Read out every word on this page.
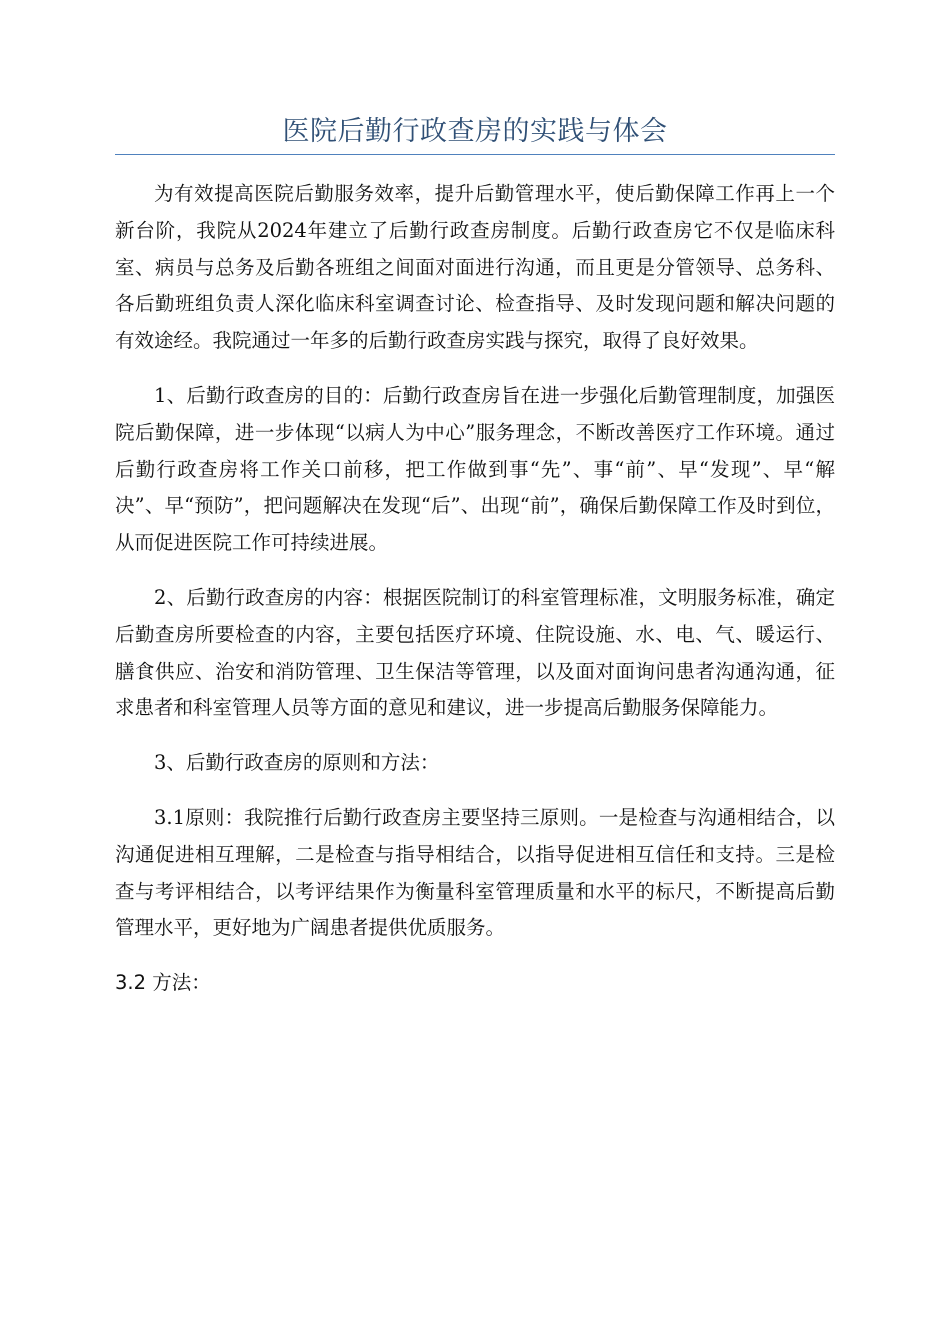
医院后勤行政查房的实践与体会

为有效提高医院后勤服务效率，提升后勤管理水平，使后勤保障工作再上一个新台阶，我院从2024年建立了后勤行政查房制度。后勤行政查房它不仅是临床科室、病员与总务及后勤各班组之间面对面进行沟通，而且更是分管领导、总务科、各后勤班组负责人深化临床科室调查讨论、检查指导、及时发现问题和解决问题的有效途经。我院通过一年多的后勤行政查房实践与探究，取得了良好效果。

1、后勤行政查房的目的：后勤行政查房旨在进一步强化后勤管理制度，加强医院后勤保障，进一步体现“以病人为中心”服务理念，不断改善医疗工作环境。通过后勤行政查房将工作关口前移，把工作做到事“先”、事“前”、早“发现”、早“解决”、早“预防”，把问题解决在发现“后”、出现“前”，确保后勤保障工作及时到位，从而促进医院工作可持续进展。

2、后勤行政查房的内容：根据医院制订的科室管理标准，文明服务标准，确定后勤查房所要检查的内容，主要包括医疗环境、住院设施、水、电、气、暖运行、膳食供应、治安和消防管理、卫生保洁等管理，以及面对面询问患者沟通沟通，征求患者和科室管理人员等方面的意见和建议，进一步提高后勤服务保障能力。

3、后勤行政查房的原则和方法：

3.1原则：我院推行后勤行政查房主要坚持三原则。一是检查与沟通相结合，以沟通促进相互理解，二是检查与指导相结合，以指导促进相互信任和支持。三是检查与考评相结合，以考评结果作为衡量科室管理质量和水平的标尺，不断提高后勤管理水平，更好地为广阔患者提供优质服务。

3.2 方法：
